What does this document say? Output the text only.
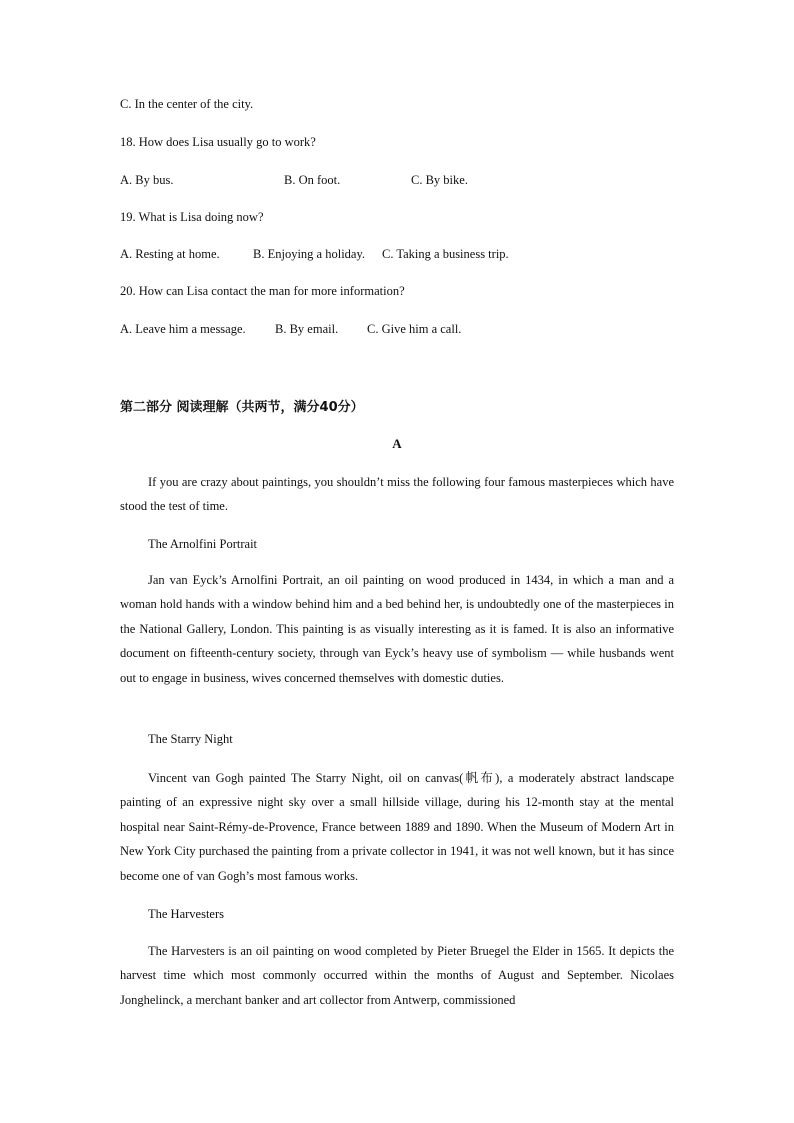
C. In the center of the city.
18. How does Lisa usually go to work?
A. By bus.	B. On foot.	C. By bike.
19. What is Lisa doing now?
A. Resting at home.	B. Enjoying a holiday. C. Taking a business trip.
20. How can Lisa contact the man for more information?
A. Leave him a message. B. By email. C. Give him a call.
第二部分 阅读理解（共两节，满分40分）
A

If you are crazy about paintings, you shouldn’t miss the following four famous masterpieces which have stood the test of time.

The Arnolfini Portrait

Jan van Eyck’s Arnolfini Portrait, an oil painting on wood produced in 1434, in which a man and a woman hold hands with a window behind him and a bed behind her, is undoubtedly one of the masterpieces in the National Gallery, London. This painting is as visually interesting as it is famed. It is also an informative document on fifteenth-century society, through van Eyck’s heavy use of symbolism — while husbands went out to engage in business, wives concerned themselves with domestic duties.

The Starry Night

Vincent van Gogh painted The Starry Night, oil on canvas(帆布), a moderately abstract landscape painting of an expressive night sky over a small hillside village, during his 12-month stay at the mental hospital near Saint-Rémy-de-Provence, France between 1889 and 1890. When the Museum of Modern Art in New York City purchased the painting from a private collector in 1941, it was not well known, but it has since become one of van Gogh’s most famous works.

The Harvesters

The Harvesters is an oil painting on wood completed by Pieter Bruegel the Elder in 1565. It depicts the harvest time which most commonly occurred within the months of August and September. Nicolaes Jonghelinck, a merchant banker and art collector from Antwerp, commissioned
